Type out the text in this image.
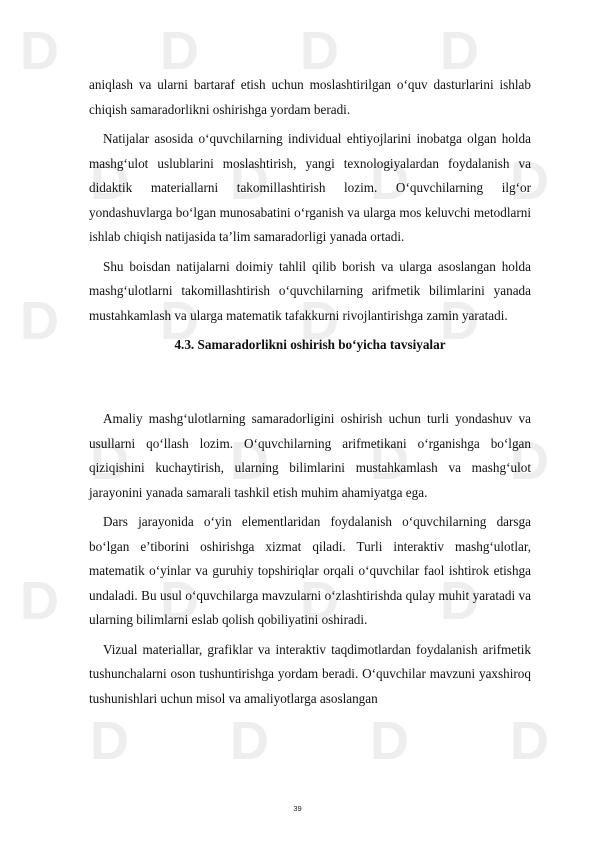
D D D D
D D D D
D D D D
D D D D
D D D D
D D D D

aniqlash va ularni bartaraf etish uchun moslashtirilgan o‘quv dasturlarini ishlab chiqish samaradorlikni oshirishga yordam beradi.

Natijalar asosida o‘quvchilarning individual ehtiyojlarini inobatga olgan holda mashg‘ulot uslublarini moslashtirish, yangi texnologiyalardan foydalanish va didaktik materiallarni takomillashtirish lozim. O‘quvchilarning ilg‘or yondashuvlarga bo‘lgan munosabatini o‘rganish va ularga mos keluvchi metodlarni ishlab chiqish natijasida ta’lim samaradorligi yanada ortadi.

Shu boisdan natijalarni doimiy tahlil qilib borish va ularga asoslangan holda mashg‘ulotlarni takomillashtirish o‘quvchilarning arifmetik bilimlarini yanada mustahkamlash va ularga matematik tafakkurni rivojlantirishga zamin yaratadi.

4.3. Samaradorlikni oshirish bo‘yicha tavsiyalar

Amaliy mashg‘ulotlarning samaradorligini oshirish uchun turli yondashuv va usullarni qo‘llash lozim. O‘quvchilarning arifmetikani o‘rganishga bo‘lgan qiziqishini kuchaytirish, ularning bilimlarini mustahkamlash va mashg‘ulot jarayonini yanada samarali tashkil etish muhim ahamiyatga ega.

Dars jarayonida o‘yin elementlaridan foydalanish o‘quvchilarning darsga bo‘lgan e’tiborini oshirishga xizmat qiladi. Turli interaktiv mashg‘ulotlar, matematik o‘yinlar va guruhiy topshiriqlar orqali o‘quvchilar faol ishtirok etishga undaladi. Bu usul o‘quvchilarga mavzularni o‘zlashtirishda qulay muhit yaratadi va ularning bilimlarni eslab qolish qobiliyatini oshiradi.

Vizual materiallar, grafiklar va interaktiv taqdimotlardan foydalanish arifmetik tushunchalarni oson tushuntirishga yordam beradi. O‘quvchilar mavzuni yaxshiroq tushunishlari uchun misol va amaliyotlarga asoslangan

39
